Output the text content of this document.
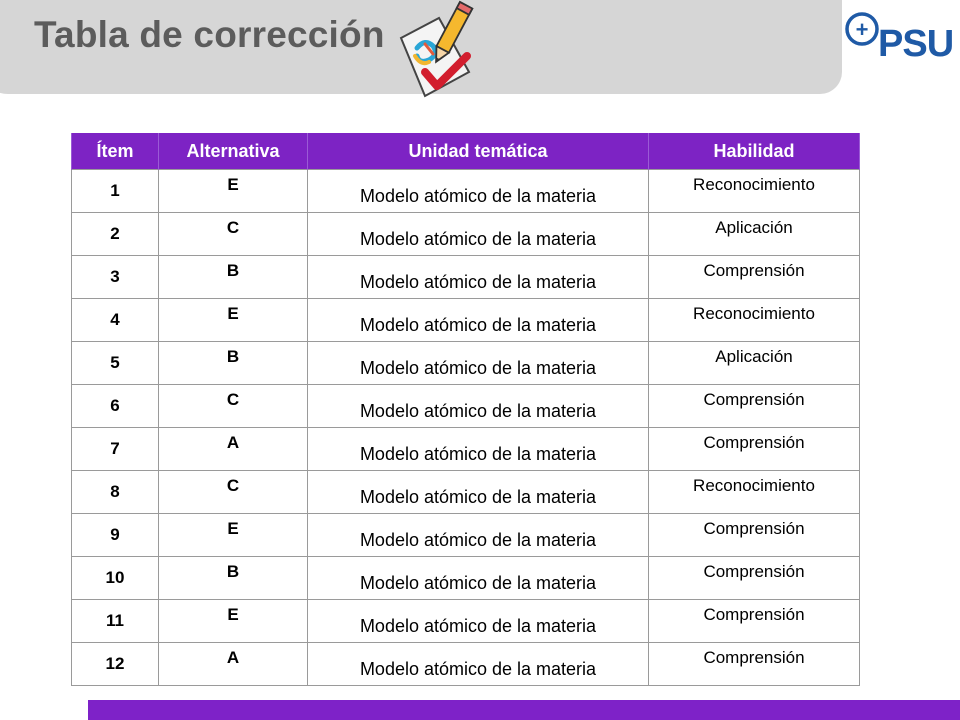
Tabla de corrección	+ PSU
Ítem	Alternativa	Unidad temática	Habilidad
1	E	Modelo atómico de la materia	Reconocimiento
2	C	Modelo atómico de la materia	Aplicación
3	B	Modelo atómico de la materia	Comprensión
4	E	Modelo atómico de la materia	Reconocimiento
5	B	Modelo atómico de la materia	Aplicación
6	C	Modelo atómico de la materia	Comprensión
7	A	Modelo atómico de la materia	Comprensión
8	C	Modelo atómico de la materia	Reconocimiento
9	E	Modelo atómico de la materia	Comprensión
10	B	Modelo atómico de la materia	Comprensión
11	E	Modelo atómico de la materia	Comprensión
12	A	Modelo atómico de la materia	Comprensión
